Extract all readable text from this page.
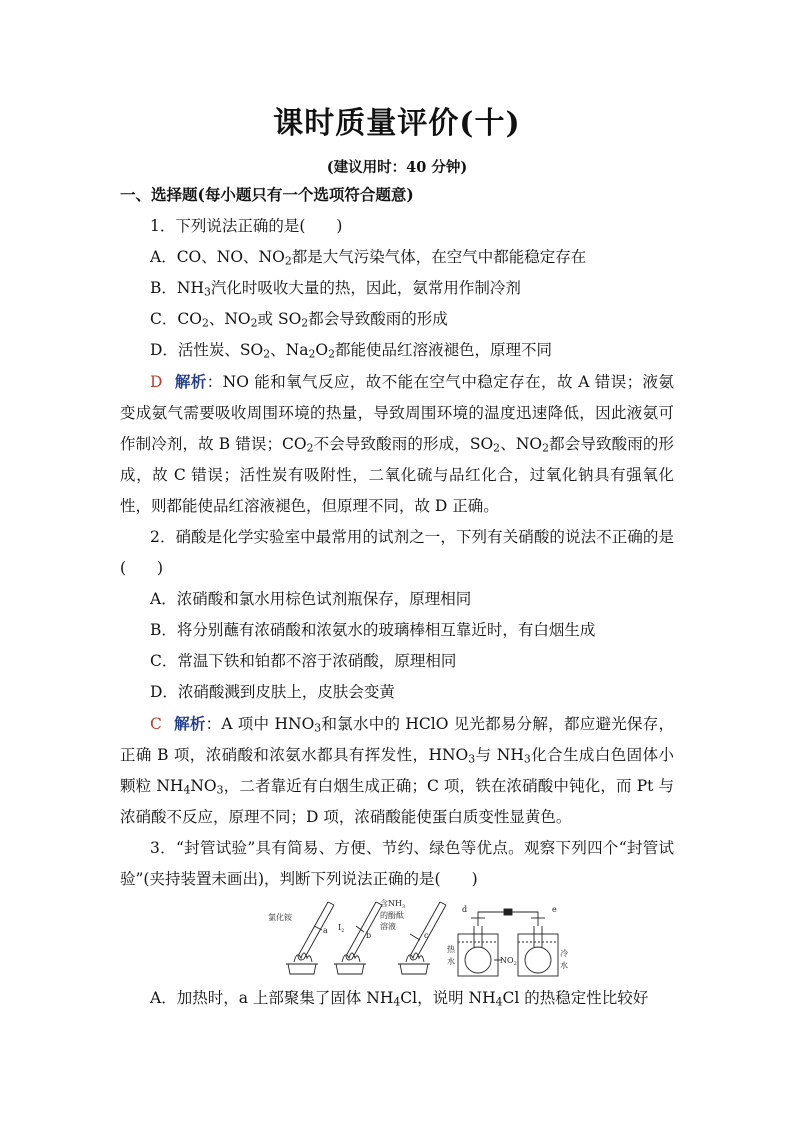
课时质量评价(十)
(建议用时：40 分钟)
一、选择题(每小题只有一个选项符合题意)
1．下列说法正确的是(　　)
A．CO、NO、$NO_2$都是大气污染气体，在空气中都能稳定存在
B．$NH_3$汽化时吸收大量的热，因此，氨常用作制冷剂
C．$CO_2$、$NO_2$或 $SO_2$都会导致酸雨的形成
D．活性炭、$SO_2$、$Na_2O_2$都能使品红溶液褪色，原理不同
D 解析：NO 能和氧气反应，故不能在空气中稳定存在，故 A 错误；液氨变成氨气需要吸收周围环境的热量，导致周围环境的温度迅速降低，因此液氨可作制冷剂，故 B 错误；$CO_2$不会导致酸雨的形成，$SO_2$、$NO_2$都会导致酸雨的形成，故 C 错误；活性炭有吸附性，二氧化硫与品红化合，过氧化钠具有强氧化性，则都能使品红溶液褪色，但原理不同，故 D 正确。
2．硝酸是化学实验室中最常用的试剂之一，下列有关硝酸的说法不正确的是(　　)
A．浓硝酸和氯水用棕色试剂瓶保存，原理相同
B．将分别蘸有浓硝酸和浓氨水的玻璃棒相互靠近时，有白烟生成
C．常温下铁和铂都不溶于浓硝酸，原理相同
D．浓硝酸溅到皮肤上，皮肤会变黄
C 解析：A 项中 $HNO_3$和氯水中的 HClO 见光都易分解，都应避光保存，正确 B 项，浓硝酸和浓氨水都具有挥发性，$HNO_3$与 $NH_3$化合生成白色固体小颗粒 $NH_4NO_3$，二者靠近有白烟生成正确；C 项，铁在浓硝酸中钝化，而 Pt 与浓硝酸不反应，原理不同；D 项，浓硝酸能使蛋白质变性显黄色。
3．“封管试验”具有简易、方便、节约、绿色等优点。观察下列四个“封管试验”(夹持装置未画出)，判断下列说法正确的是(　　)
氯化铵
a $I_2$	b
含$NH_3$
的酚酞
溶液
c
d	e
热
水	$NO_2$
冷
水
A．加热时，a 上部聚集了固体 $NH_4Cl$，说明 $NH_4Cl$ 的热稳定性比较好
